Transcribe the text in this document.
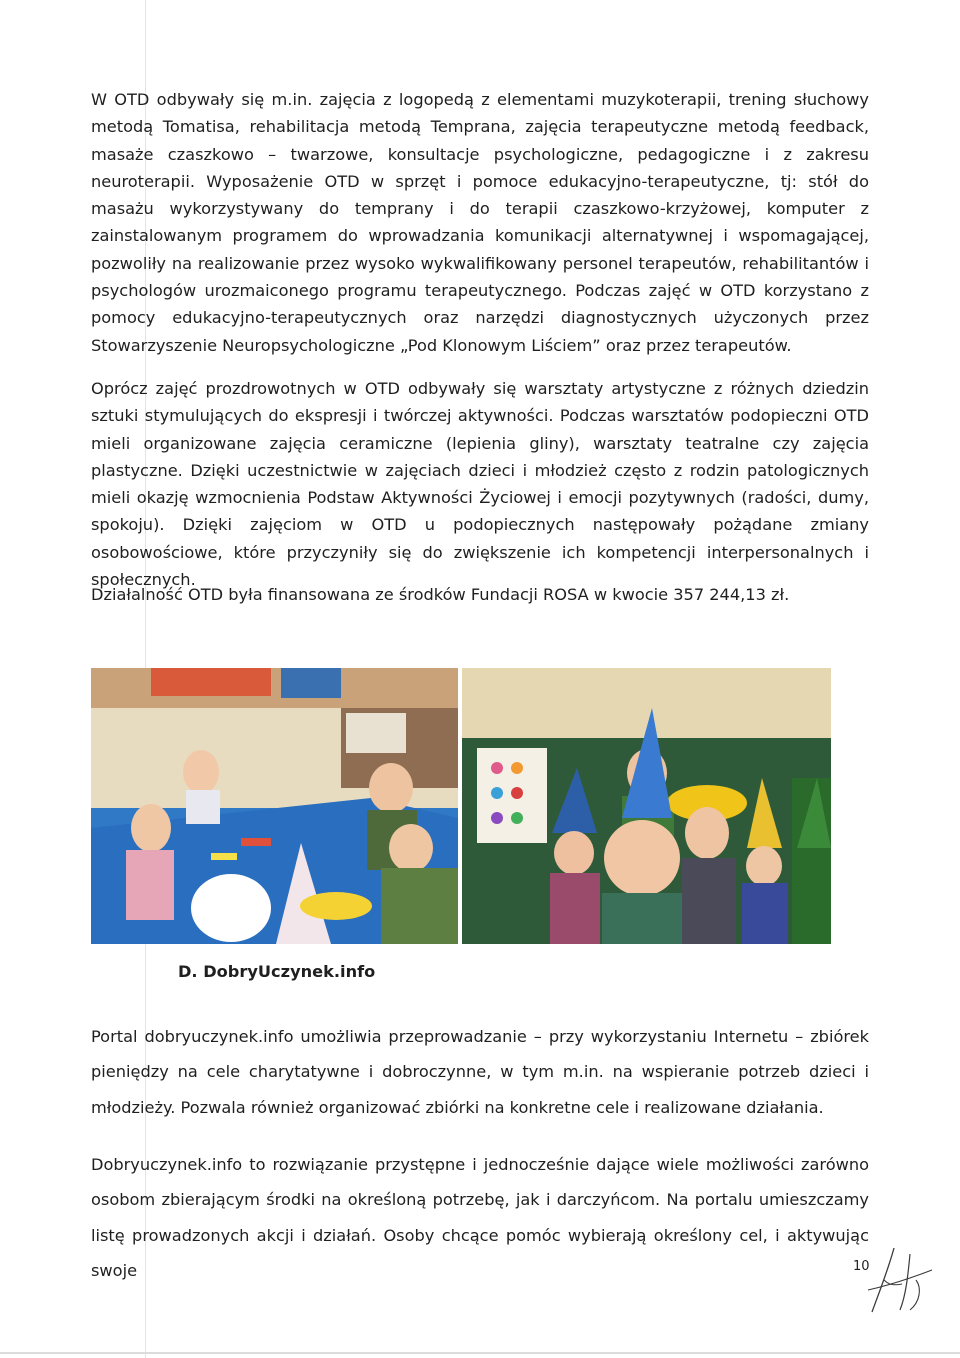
W OTD odbywały się m.in. zajęcia z logopedą z elementami muzykoterapii, trening słuchowy metodą Tomatisa, rehabilitacja metodą Temprana, zajęcia terapeutyczne metodą feedback, masaże czaszkowo – twarzowe, konsultacje psychologiczne, pedagogiczne i z zakresu neuroterapii. Wyposażenie OTD w sprzęt i pomoce edukacyjno-terapeutyczne, tj: stół do masażu wykorzystywany do temprany i do terapii czaszkowo-krzyżowej, komputer z zainstalowanym programem do wprowadzania komunikacji alternatywnej i wspomagającej, pozwoliły na realizowanie przez wysoko wykwalifikowany personel terapeutów, rehabilitantów i psychologów urozmaiconego programu terapeutycznego. Podczas zajęć w OTD korzystano z pomocy edukacyjno-terapeutycznych oraz narzędzi diagnostycznych użyczonych przez Stowarzyszenie Neuropsychologiczne „Pod Klonowym Liściem” oraz przez terapeutów.

Oprócz zajęć prozdrowotnych w OTD odbywały się warsztaty artystyczne z różnych dziedzin sztuki stymulujących do ekspresji i twórczej aktywności. Podczas warsztatów podopieczni OTD mieli organizowane zajęcia ceramiczne (lepienia gliny), warsztaty teatralne czy zajęcia plastyczne. Dzięki uczestnictwie w zajęciach dzieci i młodzież często z rodzin patologicznych mieli okazję wzmocnienia Podstaw Aktywności Życiowej i emocji pozytywnych (radości, dumy, spokoju). Dzięki zajęciom w OTD u podopiecznych następowały pożądane zmiany osobowościowe, które przyczyniły się do zwiększenie ich kompetencji interpersonalnych i społecznych.

Działalność OTD była finansowana ze środków Fundacji ROSA w kwocie 357 244,13 zł.

D. DobryUczynek.info

Portal dobryuczynek.info umożliwia przeprowadzanie – przy wykorzystaniu Internetu – zbiórek pieniędzy na cele charytatywne i dobroczynne, w tym m.in. na wspieranie potrzeb dzieci i młodzieży. Pozwala również organizować zbiórki na konkretne cele i realizowane działania.

Dobryuczynek.info to rozwiązanie przystępne i jednocześnie dające wiele możliwości zarówno osobom zbierającym środki na określoną potrzebę, jak i darczyńcom. Na portalu umieszczamy listę prowadzonych akcji i działań. Osoby chcące pomóc wybierają określony cel, i aktywując swoje	10
